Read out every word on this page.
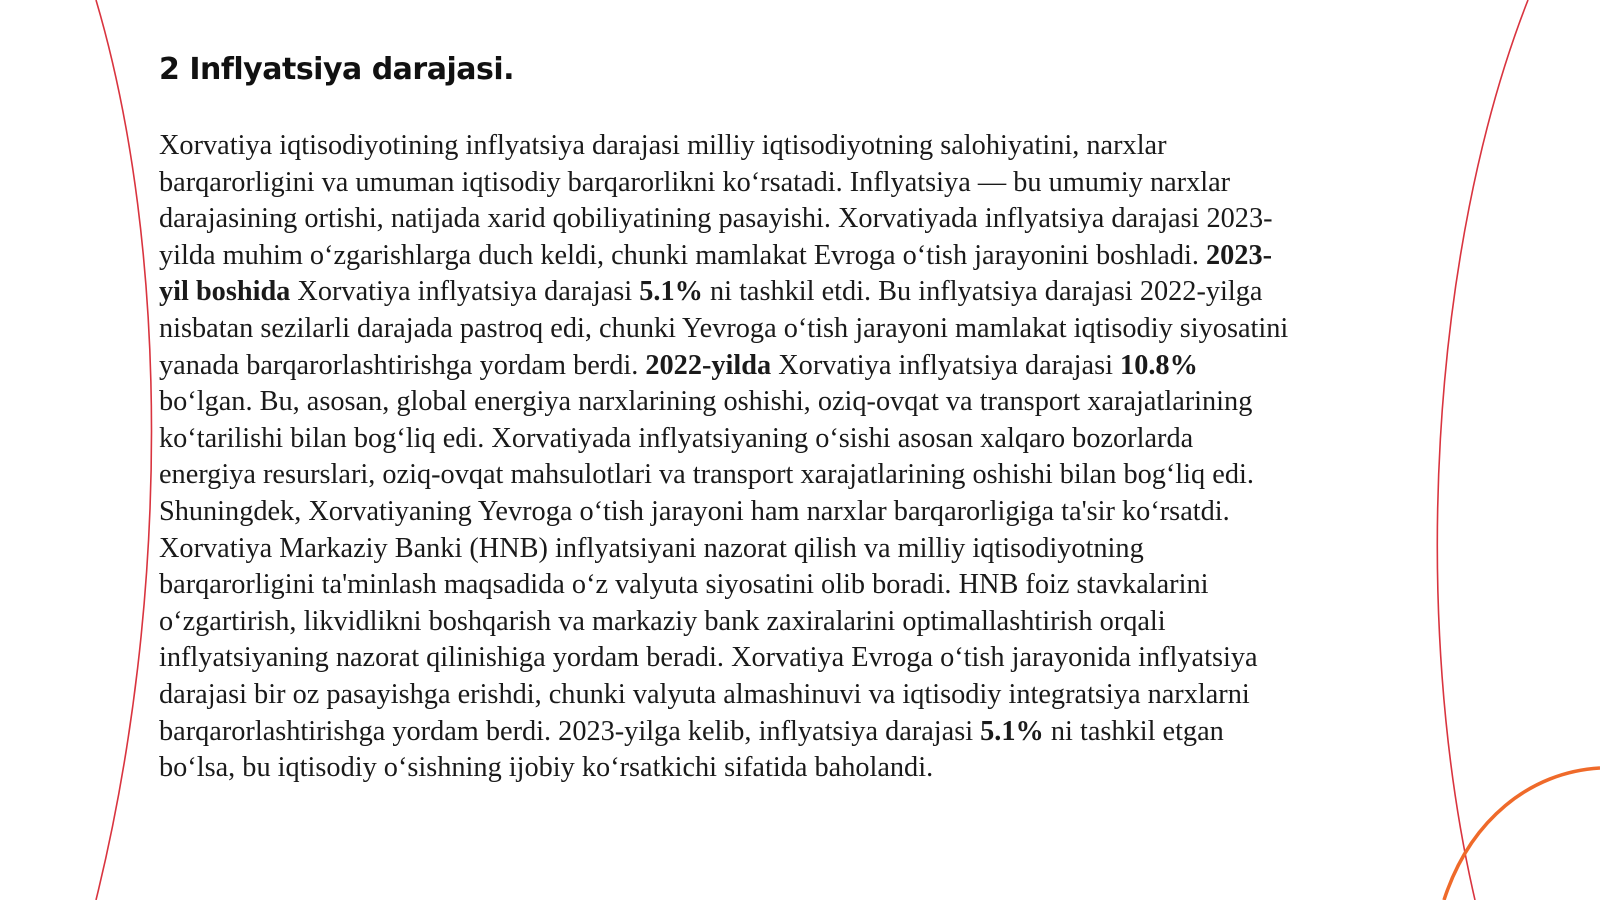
2 Inflyatsiya darajasi.
Xorvatiya iqtisodiyotining inflyatsiya darajasi milliy iqtisodiyotning salohiyatini, narxlar
barqarorligini va umuman iqtisodiy barqarorlikni ko‘rsatadi. Inflyatsiya — bu umumiy narxlar
darajasining ortishi, natijada xarid qobiliyatining pasayishi. Xorvatiyada inflyatsiya darajasi 2023-
yilda muhim o‘zgarishlarga duch keldi, chunki mamlakat Evroga o‘tish jarayonini boshladi. 2023-
yil boshida Xorvatiya inflyatsiya darajasi 5.1% ni tashkil etdi. Bu inflyatsiya darajasi 2022-yilga
nisbatan sezilarli darajada pastroq edi, chunki Yevroga o‘tish jarayoni mamlakat iqtisodiy siyosatini
yanada barqarorlashtirishga yordam berdi. 2022-yilda Xorvatiya inflyatsiya darajasi 10.8%
bo‘lgan. Bu, asosan, global energiya narxlarining oshishi, oziq-ovqat va transport xarajatlarining
ko‘tarilishi bilan bog‘liq edi. Xorvatiyada inflyatsiyaning o‘sishi asosan xalqaro bozorlarda
energiya resurslari, oziq-ovqat mahsulotlari va transport xarajatlarining oshishi bilan bog‘liq edi.
Shuningdek, Xorvatiyaning Yevroga o‘tish jarayoni ham narxlar barqarorligiga ta'sir ko‘rsatdi.
Xorvatiya Markaziy Banki (HNB) inflyatsiyani nazorat qilish va milliy iqtisodiyotning
barqarorligini ta'minlash maqsadida o‘z valyuta siyosatini olib boradi. HNB foiz stavkalarini
o‘zgartirish, likvidlikni boshqarish va markaziy bank zaxiralarini optimallashtirish orqali
inflyatsiyaning nazorat qilinishiga yordam beradi. Xorvatiya Evroga o‘tish jarayonida inflyatsiya
darajasi bir oz pasayishga erishdi, chunki valyuta almashinuvi va iqtisodiy integratsiya narxlarni
barqarorlashtirishga yordam berdi. 2023-yilga kelib, inflyatsiya darajasi 5.1% ni tashkil etgan
bo‘lsa, bu iqtisodiy o‘sishning ijobiy ko‘rsatkichi sifatida baholandi.
